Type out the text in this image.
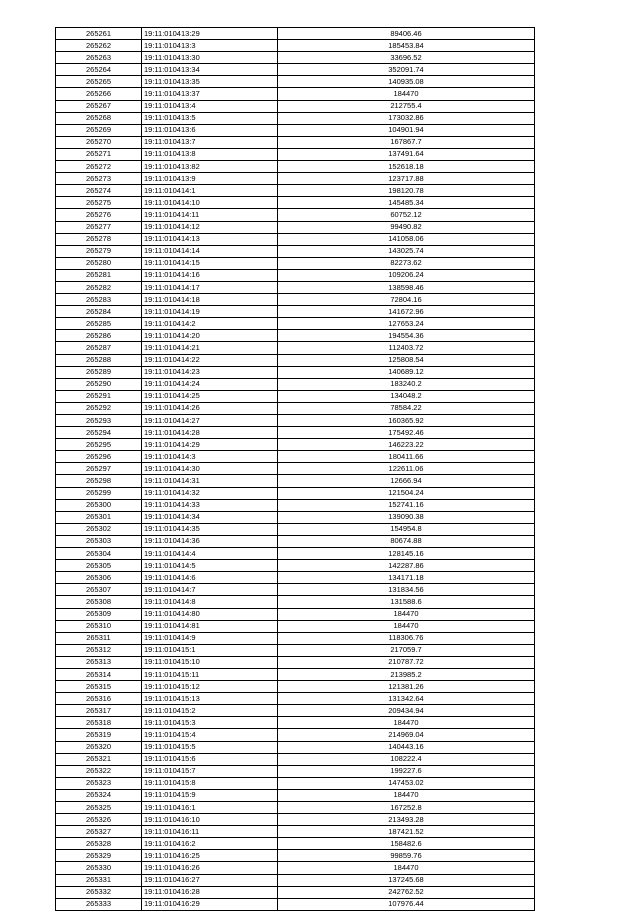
265261	19:11:010413:29	89406.46
265262	19:11:010413:3	185453.84
265263	19:11:010413:30	33696.52
265264	19:11:010413:34	352091.74
265265	19:11:010413:35	140935.08
265266	19:11:010413:37	184470
265267	19:11:010413:4	212755.4
265268	19:11:010413:5	173032.86
265269	19:11:010413:6	104901.94
265270	19:11:010413:7	167867.7
265271	19:11:010413:8	137491.64
265272	19:11:010413:82	152618.18
265273	19:11:010413:9	123717.88
265274	19:11:010414:1	198120.78
265275	19:11:010414:10	145485.34
265276	19:11:010414:11	60752.12
265277	19:11:010414:12	99490.82
265278	19:11:010414:13	141058.06
265279	19:11:010414:14	143025.74
265280	19:11:010414:15	82273.62
265281	19:11:010414:16	109206.24
265282	19:11:010414:17	138598.46
265283	19:11:010414:18	72804.16
265284	19:11:010414:19	141672.96
265285	19:11:010414:2	127653.24
265286	19:11:010414:20	194554.36
265287	19:11:010414:21	112403.72
265288	19:11:010414:22	125808.54
265289	19:11:010414:23	140689.12
265290	19:11:010414:24	183240.2
265291	19:11:010414:25	134048.2
265292	19:11:010414:26	78584.22
265293	19:11:010414:27	160365.92
265294	19:11:010414:28	175492.46
265295	19:11:010414:29	146223.22
265296	19:11:010414:3	180411.66
265297	19:11:010414:30	122611.06
265298	19:11:010414:31	12666.94
265299	19:11:010414:32	121504.24
265300	19:11:010414:33	152741.16
265301	19:11:010414:34	139090.38
265302	19:11:010414:35	154954.8
265303	19:11:010414:36	80674.88
265304	19:11:010414:4	128145.16
265305	19:11:010414:5	142287.86
265306	19:11:010414:6	134171.18
265307	19:11:010414:7	131834.56
265308	19:11:010414:8	131588.6
265309	19:11:010414:80	184470
265310	19:11:010414:81	184470
265311	19:11:010414:9	118306.76
265312	19:11:010415:1	217059.7
265313	19:11:010415:10	210787.72
265314	19:11:010415:11	213985.2
265315	19:11:010415:12	121381.26
265316	19:11:010415:13	131342.64
265317	19:11:010415:2	209434.94
265318	19:11:010415:3	184470
265319	19:11:010415:4	214969.04
265320	19:11:010415:5	140443.16
265321	19:11:010415:6	108222.4
265322	19:11:010415:7	199227.6
265323	19:11:010415:8	147453.02
265324	19:11:010415:9	184470
265325	19:11:010416:1	167252.8
265326	19:11:010416:10	213493.28
265327	19:11:010416:11	187421.52
265328	19:11:010416:2	158482.6
265329	19:11:010416:25	99859.76
265330	19:11:010416:26	184470
265331	19:11:010416:27	137245.68
265332	19:11:010416:28	242762.52
265333	19:11:010416:29	107976.44
